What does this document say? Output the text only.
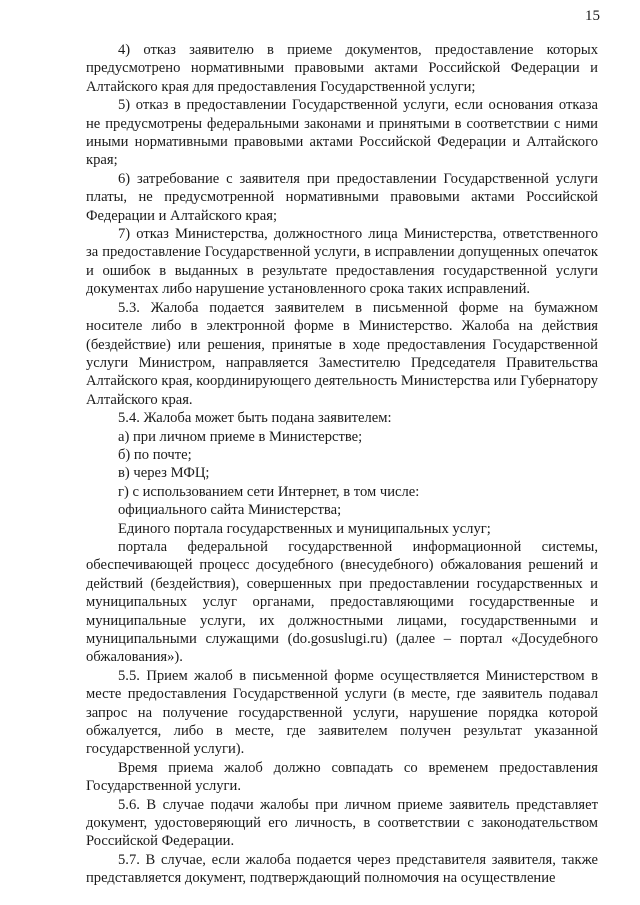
15

4) отказ заявителю в приеме документов, предоставление которых предусмотрено нормативными правовыми актами Российской Федерации и Алтайского края для предоставления Государственной услуги;

5) отказ в предоставлении Государственной услуги, если основания отказа не предусмотрены федеральными законами и принятыми в соответствии с ними иными нормативными правовыми актами Российской Федерации и Алтайского края;

6) затребование с заявителя при предоставлении Государственной услуги платы, не предусмотренной нормативными правовыми актами Российской Федерации и Алтайского края;

7) отказ Министерства, должностного лица Министерства, ответственного за предоставление Государственной услуги, в исправлении допущенных опечаток и ошибок в выданных в результате предоставления государственной услуги документах либо нарушение установленного срока таких исправлений.

5.3. Жалоба подается заявителем в письменной форме на бумажном носителе либо в электронной форме в Министерство. Жалоба на действия (бездействие) или решения, принятые в ходе предоставления Государственной услуги Министром, направляется Заместителю Председателя Правительства Алтайского края, координирующего деятельность Министерства или Губернатору Алтайского края.

5.4. Жалоба может быть подана заявителем:

а) при личном приеме в Министерстве;

б) по почте;

в) через МФЦ;

г) с использованием сети Интернет, в том числе:

официального сайта Министерства;

Единого портала государственных и муниципальных услуг;

портала федеральной государственной информационной системы, обеспечивающей процесс досудебного (внесудебного) обжалования решений и действий (бездействия), совершенных при предоставлении государственных и муниципальных услуг органами, предоставляющими государственные и муниципальные услуги, их должностными лицами, государственными и муниципальными служащими (do.gosuslugi.ru) (далее – портал «Досудебного обжалования»).

5.5. Прием жалоб в письменной форме осуществляется Министерством в месте предоставления Государственной услуги (в месте, где заявитель подавал запрос на получение государственной услуги, нарушение порядка которой обжалуется, либо в месте, где заявителем получен результат указанной государственной услуги).

Время приема жалоб должно совпадать со временем предоставления Государственной услуги.

5.6. В случае подачи жалобы при личном приеме заявитель представляет документ, удостоверяющий его личность, в соответствии с законодательством Российской Федерации.

5.7. В случае, если жалоба подается через представителя заявителя, также представляется документ, подтверждающий полномочия на осуществление
